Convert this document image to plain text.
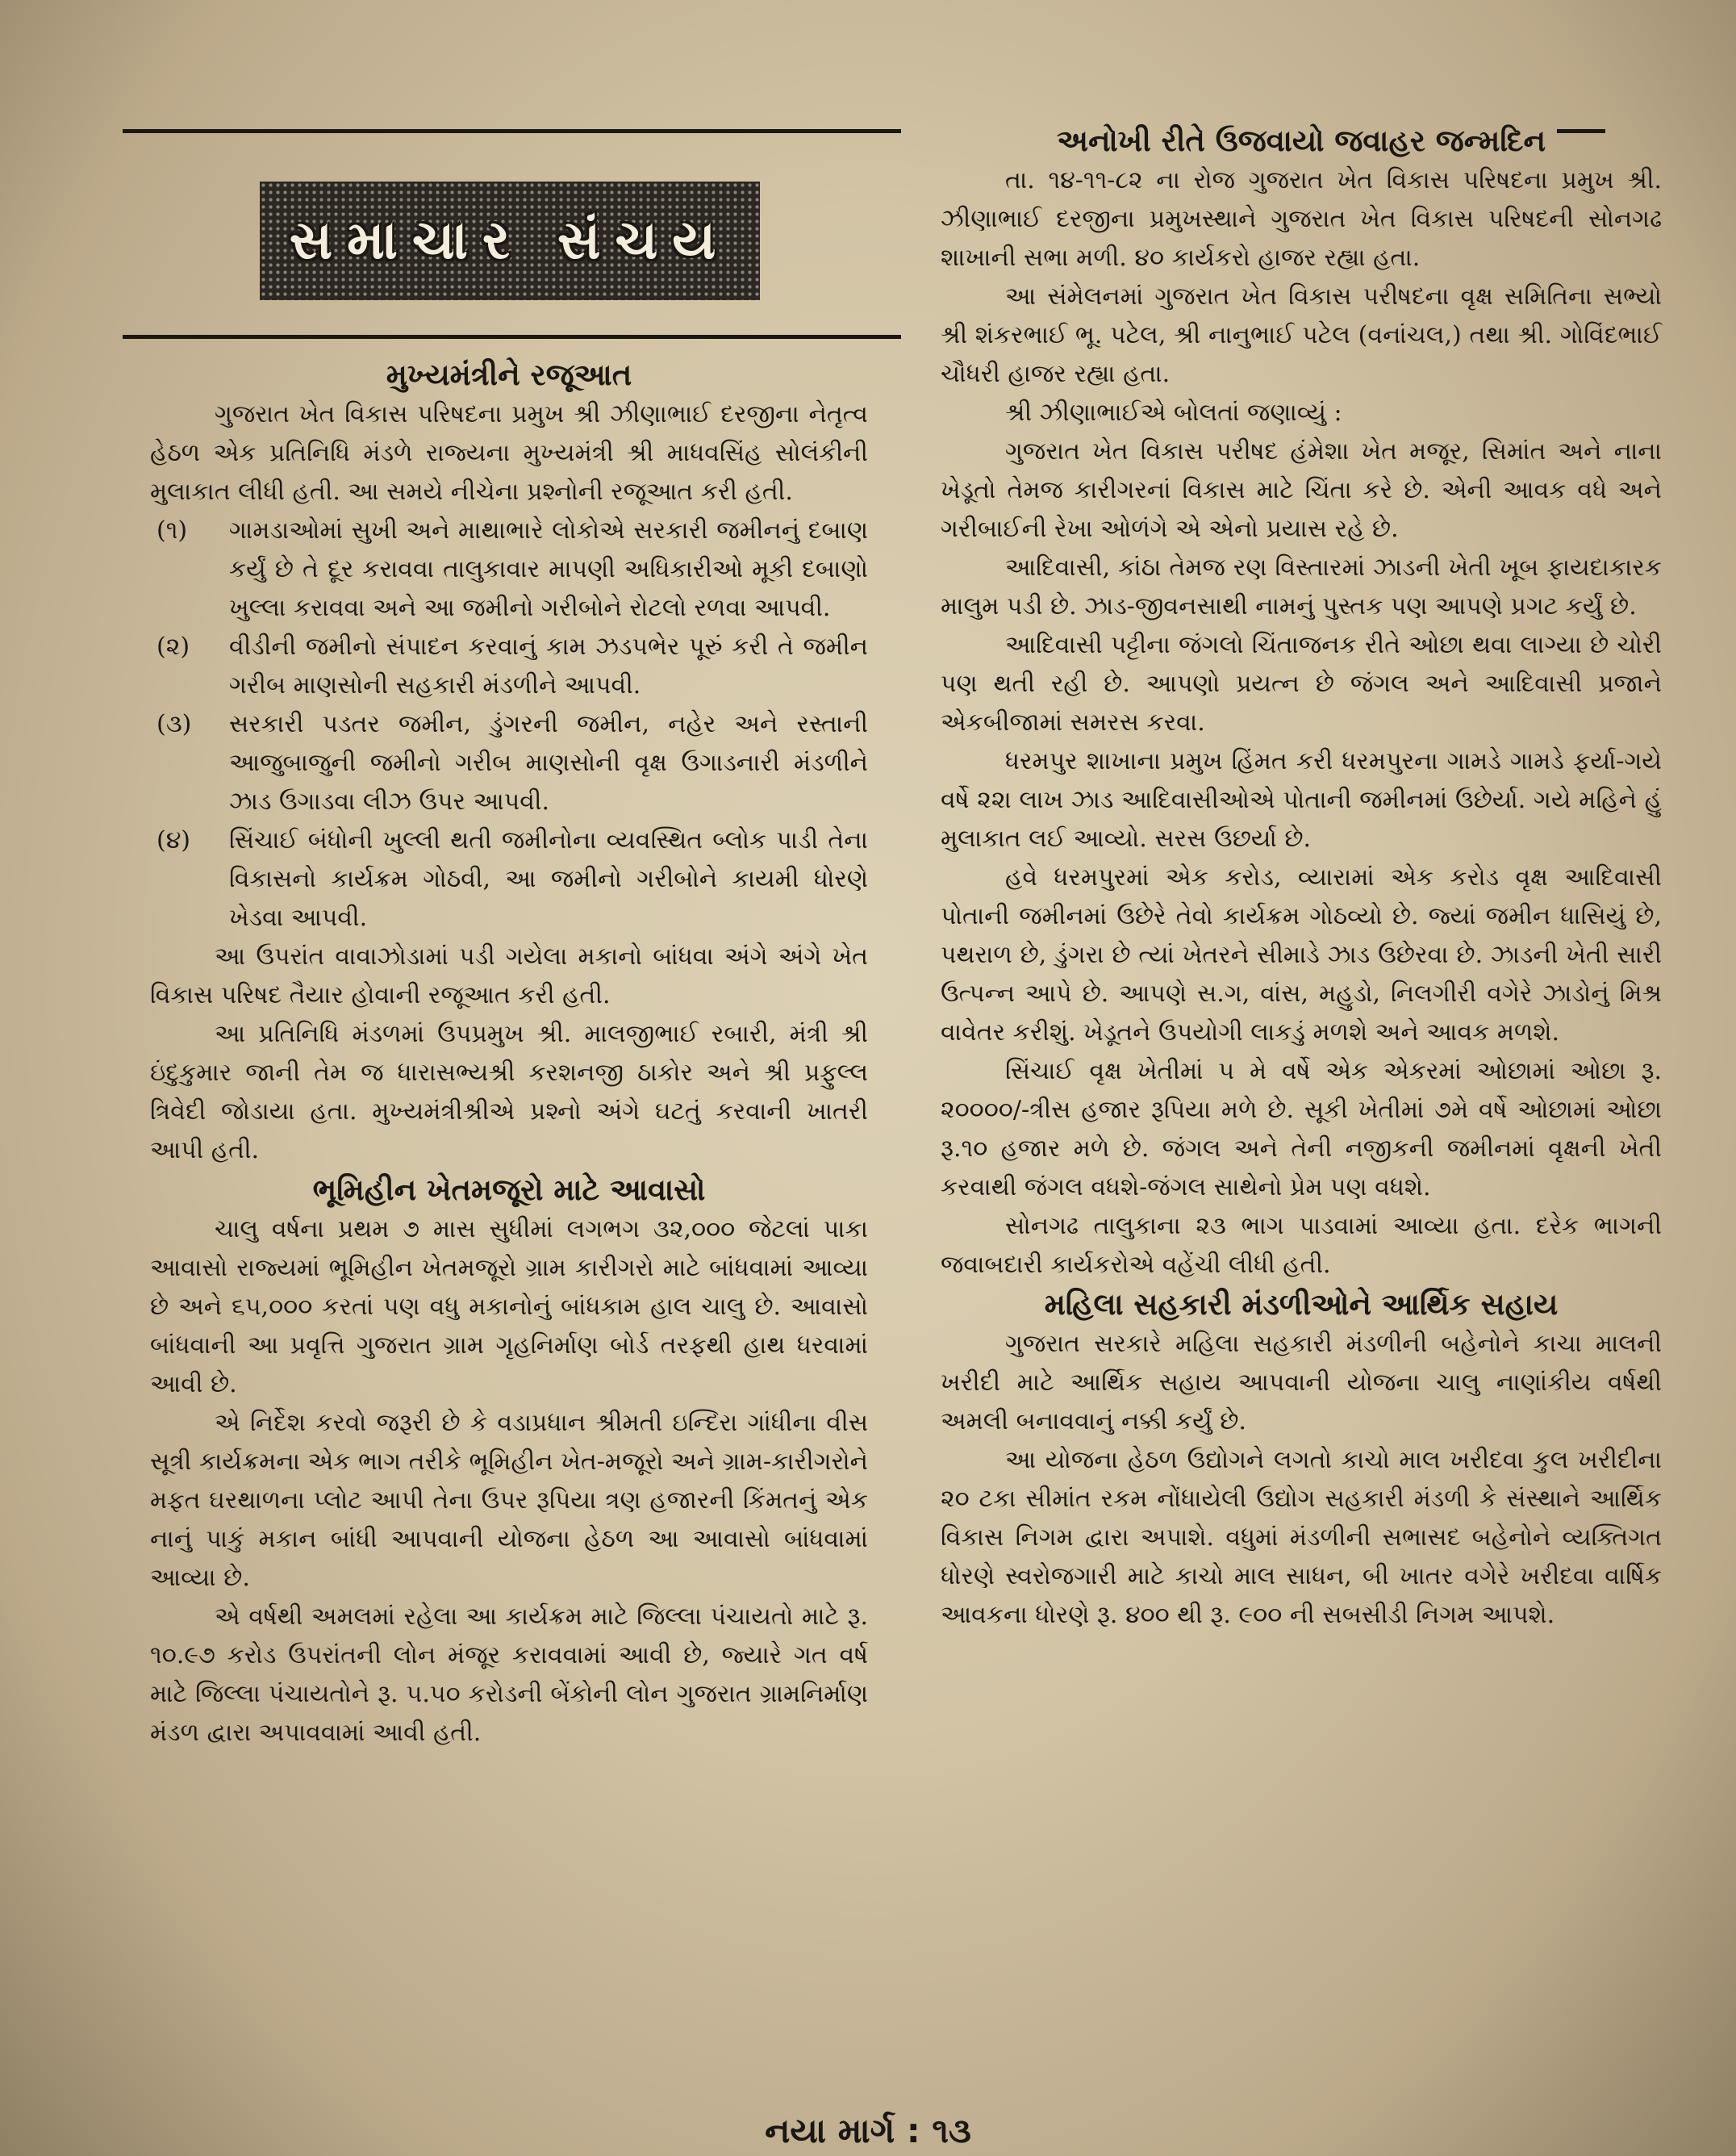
સમાચાર સંચય
મુખ્યમંત્રીને રજૂઆત

ગુજરાત ખેત વિકાસ પરિષદના પ્રમુખ શ્રી ઝીણાભાઈ દરજીના નેતૃત્વ હેઠળ એક પ્રતિનિધિ મંડળે રાજ્યના મુખ્યમંત્રી શ્રી માધવસિંહ સોલંકીની મુલાકાત લીધી હતી. આ સમયે નીચેના પ્રશ્નોની રજૂઆત કરી હતી.

(૧)	ગામડાઓમાં સુખી અને માથાભારે લોકોએ સરકારી જમીનનું દબાણ કર્યું છે તે દૂર કરાવવા તાલુકાવાર માપણી અધિકારીઓ મૂકી દબાણો ખુલ્લા કરાવવા અને આ જમીનો ગરીબોને રોટલો રળવા આપવી.
(૨)	વીડીની જમીનો સંપાદન કરવાનું કામ ઝડપભેર પૂરું કરી તે જમીન ગરીબ માણસોની સહકારી મંડળીને આપવી.
(૩)	સરકારી પડતર જમીન, ડુંગરની જમીન, નહેર અને રસ્તાની આજુબાજુની જમીનો ગરીબ માણસોની વૃક્ષ ઉગાડનારી મંડળીને ઝાડ ઉગાડવા લીઝ ઉપર આપવી.
(૪)	સિંચાઈ બંધોની ખુલ્લી થતી જમીનોના વ્યવસ્થિત બ્લોક પાડી તેના વિકાસનો કાર્યક્રમ ગોઠવી, આ જમીનો ગરીબોને કાયમી ધોરણે ખેડવા આપવી.

આ ઉપરાંત વાવાઝોડામાં પડી ગયેલા મકાનો બાંધવા અંગે અંગે ખેત વિકાસ પરિષદ તૈયાર હોવાની રજૂઆત કરી હતી.

આ પ્રતિનિધિ મંડળમાં ઉપપ્રમુખ શ્રી. માલજીભાઈ રબારી, મંત્રી શ્રી ઇંદુકુમાર જાની તેમ જ ધારાસભ્યશ્રી કરશનજી ઠાકોર અને શ્રી પ્રફુલ્લ ત્રિવેદી જોડાયા હતા. મુખ્યમંત્રીશ્રીએ પ્રશ્નો અંગે ઘટતું કરવાની ખાતરી આપી હતી.

ભૂમિહીન ખેતમજૂરો માટે આવાસો

ચાલુ વર્ષના પ્રથમ ૭ માસ સુધીમાં લગભગ ૩૨,૦૦૦ જેટલાં પાકા આવાસો રાજ્યમાં ભૂમિહીન ખેતમજૂરો ગ્રામ કારીગરો માટે બાંધવામાં આવ્યા છે અને ૬૫,૦૦૦ કરતાં પણ વધુ મકાનોનું બાંધકામ હાલ ચાલુ છે. આવાસો બાંધવાની આ પ્રવૃત્તિ ગુજરાત ગ્રામ ગૃહનિર્માણ બોર્ડ તરફથી હાથ ધરવામાં આવી છે.

એ નિર્દેશ કરવો જરૂરી છે કે વડાપ્રધાન શ્રીમતી ઇન્દિરા ગાંધીના વીસ સૂત્રી કાર્યક્રમના એક ભાગ તરીકે ભૂમિહીન ખેત-મજૂરો અને ગ્રામ-કારીગરોને મફત ઘરથાળના પ્લોટ આપી તેના ઉપર રૂપિયા ત્રણ હજારની કિંમતનું એક નાનું પાકું મકાન બાંધી આપવાની યોજના હેઠળ આ આવાસો બાંધવામાં આવ્યા છે.

એ વર્ષથી અમલમાં રહેલા આ કાર્યક્રમ માટે જિલ્લા પંચાયતો માટે રૂ. ૧૦.૯૭ કરોડ ઉપરાંતની લોન મંજૂર કરાવવામાં આવી છે, જ્યારે ગત વર્ષ માટે જિલ્લા પંચાયતોને રૂ. ૫.૫૦ કરોડની બેંકોની લોન ગુજરાત ગ્રામનિર્માણ મંડળ દ્વારા અપાવવામાં આવી હતી.

અનોખી રીતે ઉજવાયો જવાહર જન્મદિન

તા. ૧૪-૧૧-૮૨ ના રોજ ગુજરાત ખેત વિકાસ પરિષદના પ્રમુખ શ્રી. ઝીણાભાઈ દરજીના પ્રમુખસ્થાને ગુજરાત ખેત વિકાસ પરિષદની સોનગઢ શાખાની સભા મળી. ૪૦ કાર્યકરો હાજર રહ્યા હતા.

આ સંમેલનમાં ગુજરાત ખેત વિકાસ પરીષદના વૃક્ષ સમિતિના સભ્યો શ્રી શંકરભાઈ ભૂ. પટેલ, શ્રી નાનુભાઈ પટેલ (વનાંચલ,) તથા શ્રી. ગોવિંદભાઈ ચૌધરી હાજર રહ્યા હતા.

શ્રી ઝીણાભાઈએ બોલતાં જણાવ્યું :

ગુજરાત ખેત વિકાસ પરીષદ હંમેશા ખેત મજૂર, સિમાંત અને નાના ખેડૂતો તેમજ કારીગરનાં વિકાસ માટે ચિંતા કરે છે. એની આવક વધે અને ગરીબાઈની રેખા ઓળંગે એ એનો પ્રયાસ રહે છે.

આદિવાસી, કાંઠા તેમજ રણ વિસ્તારમાં ઝાડની ખેતી ખૂબ ફાયદાકારક માલુમ પડી છે. ઝાડ-જીવનસાથી નામનું પુસ્તક પણ આપણે પ્રગટ કર્યું છે.

આદિવાસી પટ્ટીના જંગલો ચિંતાજનક રીતે ઓછા થવા લાગ્યા છે ચોરી પણ થતી રહી છે. આપણો પ્રયત્ન છે જંગલ અને આદિવાસી પ્રજાને એકબીજામાં સમરસ કરવા.

ધરમપુર શાખાના પ્રમુખ હિંમત કરી ધરમપુરના ગામડે ગામડે ફર્યા-ગયે વર્ષે ૨૨ા લાખ ઝાડ આદિવાસીઓએ પોતાની જમીનમાં ઉછેર્યા. ગયે મહિને હું મુલાકાત લઈ આવ્યો. સરસ ઉછર્યા છે.

હવે ધરમપુરમાં એક કરોડ, વ્યારામાં એક કરોડ વૃક્ષ આદિવાસી પોતાની જમીનમાં ઉછેરે તેવો કાર્યક્રમ ગોઠવ્યો છે. જ્યાં જમીન ધાસિયું છે, પથરાળ છે, ડુંગરા છે ત્યાં ખેતરને સીમાડે ઝાડ ઉછેરવા છે. ઝાડની ખેતી સારી ઉત્પન્ન આપે છે. આપણે સ.ગ, વાંસ, મહુડો, નિલગીરી વગેરે ઝાડોનું મિશ્ર વાવેતર કરીશું. ખેડૂતને ઉપયોગી લાકડું મળશે અને આવક મળશે.

સિંચાઈ વૃક્ષ ખેતીમાં ૫ મે વર્ષે એક એકરમાં ઓછામાં ઓછા રૂ. ૨૦૦૦૦/-ત્રીસ હજાર રૂપિયા મળે છે. સૂકી ખેતીમાં ૭મે વર્ષે ઓછામાં ઓછા રૂ.૧૦ હજાર મળે છે. જંગલ અને તેની નજીકની જમીનમાં વૃક્ષની ખેતી કરવાથી જંગલ વધશે-જંગલ સાથેનો પ્રેમ પણ વધશે.

સોનગઢ તાલુકાના ૨૩ ભાગ પાડવામાં આવ્યા હતા. દરેક ભાગની જવાબદારી કાર્યકરોએ વહેંચી લીધી હતી.

મહિલા સહકારી મંડળીઓને આર્થિક સહાય

ગુજરાત સરકારે મહિલા સહકારી મંડળીની બહેનોને કાચા માલની ખરીદી માટે આર્થિક સહાય આપવાની યોજના ચાલુ નાણાંકીય વર્ષથી અમલી બનાવવાનું નક્કી કર્યું છે.

આ યોજના હેઠળ ઉદ્યોગને લગતો કાચો માલ ખરીદવા કુલ ખરીદીના ૨૦ ટકા સીમાંત રકમ નોંધાયેલી ઉદ્યોગ સહકારી મંડળી કે સંસ્થાને આર્થિક વિકાસ નિગમ દ્વારા અપાશે. વધુમાં મંડળીની સભાસદ બહેનોને વ્યક્તિગત ધોરણે સ્વરોજગારી માટે કાચો માલ સાધન, બી ખાતર વગેરે ખરીદવા વાર્ષિક આવકના ધોરણે રૂ. ૪૦૦ થી રૂ. ૯૦૦ ની સબસીડી નિગમ આપશે.

નયા માર્ગ : ૧૩
